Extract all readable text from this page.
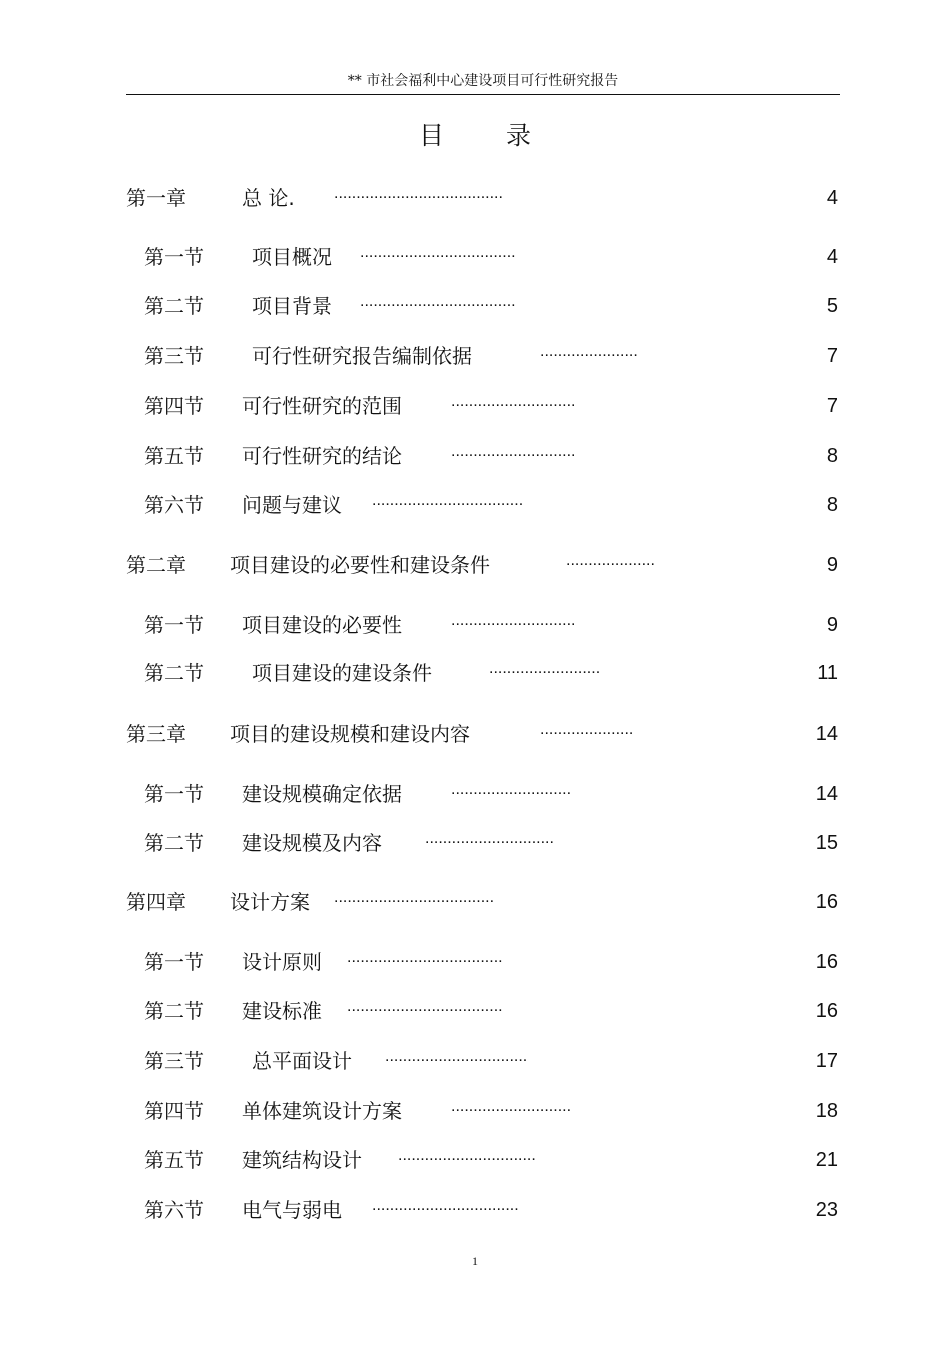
** 市社会福利中心建设项目可行性研究报告
目录
第一章	总 论. ......................................	4
第一节 项目概况 ...................................	4
第二节 项目背景 ...................................	5
第三节 可行性研究报告编制依据	......................	7
第四节 可行性研究的范围	............................	7
第五节 可行性研究的结论	............................	8
第六节 问题与建议 ..................................	8
第二章 项目建设的必要性和建设条件	....................	9
第一节 项目建设的必要性	............................	9
第二节 项目建设的建设条件	.........................	11
第三章 项目的建设规模和建设内容	.....................	14
第一节 建设规模确定依据	...........................	14
第二节 建设规模及内容	.............................	15
第四章 设计方案 ....................................	16
第一节 设计原则 ...................................	16
第二节 建设标准 ...................................	16
第三节 总平面设计 ................................	17
第四节 单体建筑设计方案	...........................	18
第五节 建筑结构设计 ...............................	21
第六节 电气与弱电 .................................	23
1
